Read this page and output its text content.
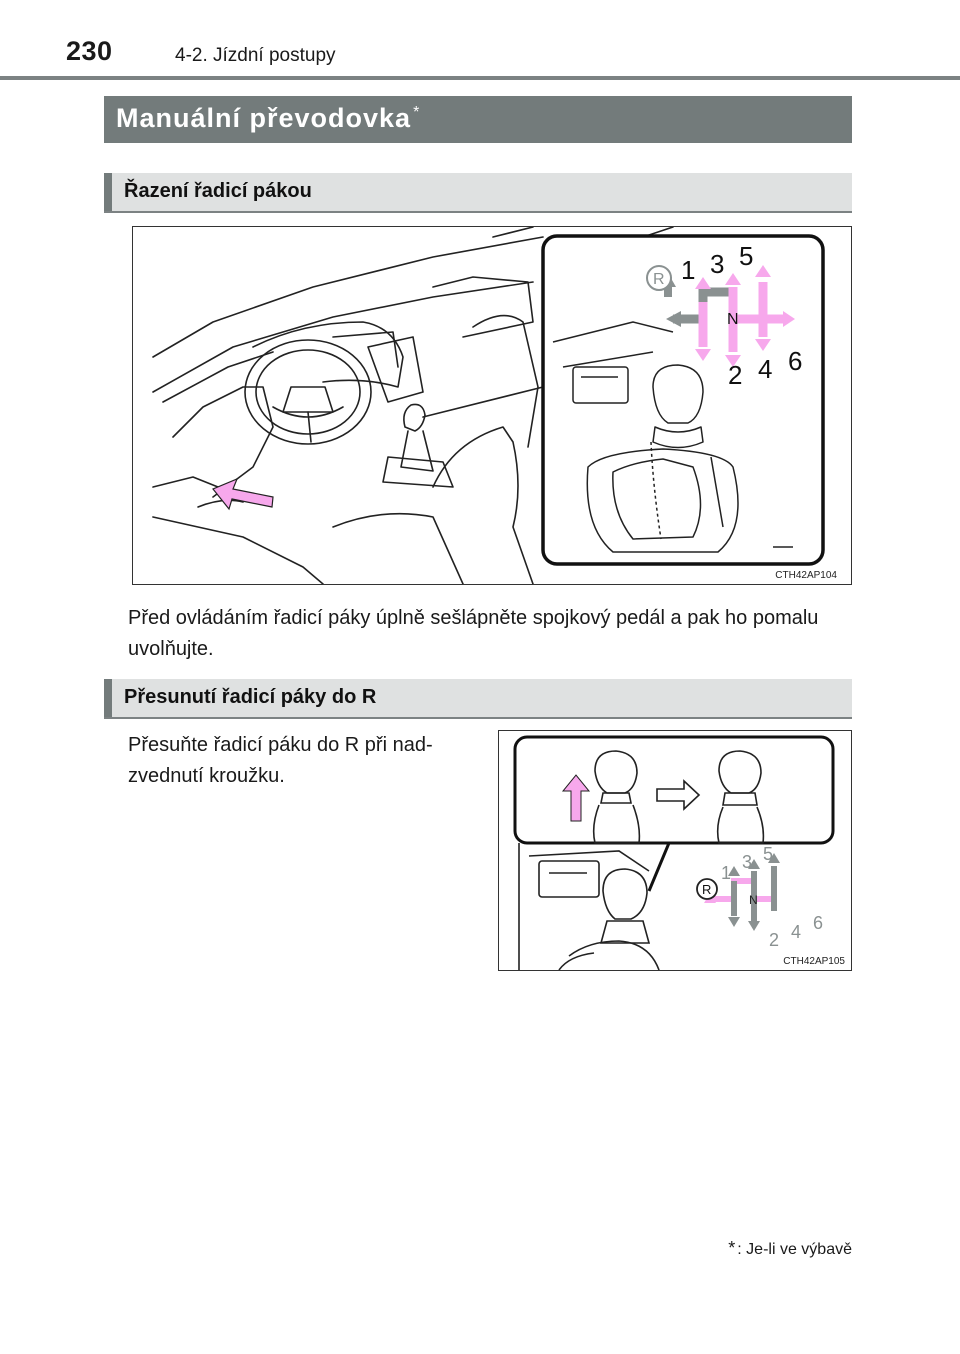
230	4-2. Jízdní postupy
Manuální převodovka *
Řazení řadicí pákou
R 1 3 5
N
2 4 6
CTH42AP104
Před ovládáním řadicí páky úplně sešlápněte spojkový pedál a pak ho pomalu uvolňujte.
Přesunutí řadicí páky do R
Přesuňte řadicí páku do R při nad-zvednutí kroužku.
R
1
3 5
N
2 4 6
CTH42AP105
* : Je-li ve výbavě
